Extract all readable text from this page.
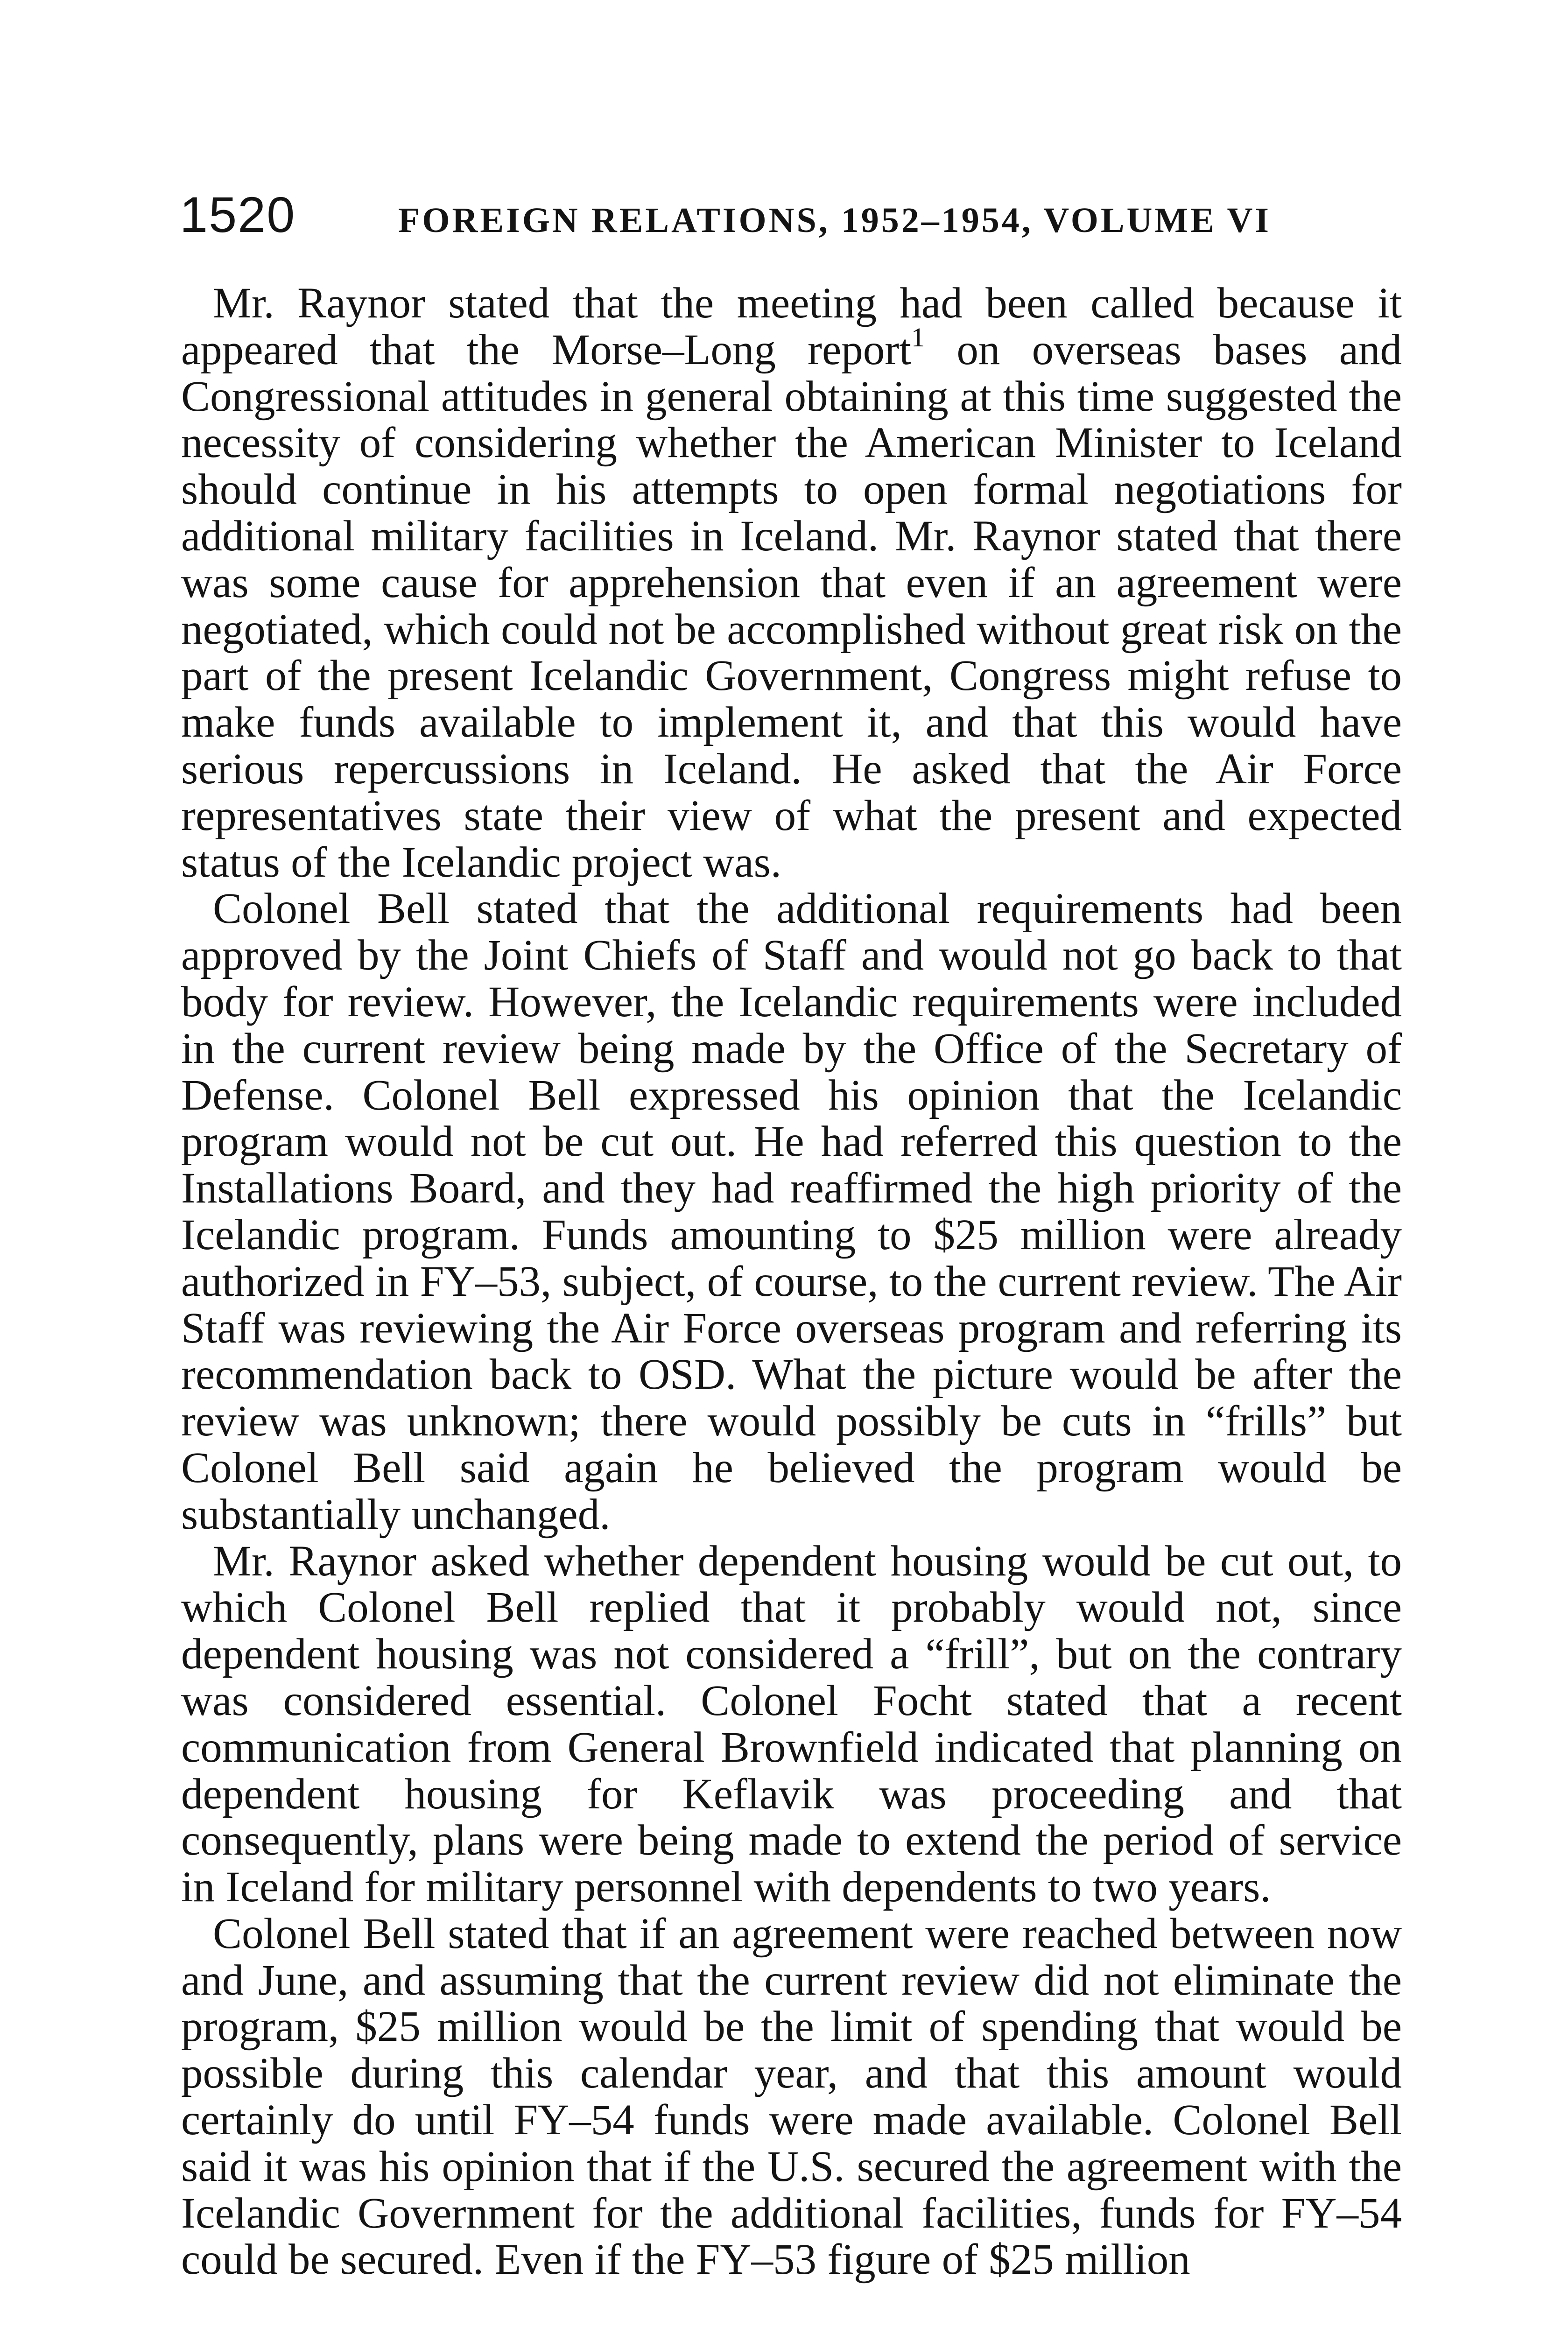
1520	FOREIGN RELATIONS, 1952–1954, VOLUME VI

Mr. Raynor stated that the meeting had been called because it appeared that the Morse–Long report$^1$ on overseas bases and Congressional attitudes in general obtaining at this time suggested the necessity of considering whether the American Minister to Iceland should continue in his attempts to open formal negotiations for additional military facilities in Iceland. Mr. Raynor stated that there was some cause for apprehension that even if an agreement were negotiated, which could not be accomplished without great risk on the part of the present Icelandic Government, Congress might refuse to make funds available to implement it, and that this would have serious repercussions in Iceland. He asked that the Air Force representatives state their view of what the present and expected status of the Icelandic project was.

Colonel Bell stated that the additional requirements had been approved by the Joint Chiefs of Staff and would not go back to that body for review. However, the Icelandic requirements were included in the current review being made by the Office of the Secretary of Defense. Colonel Bell expressed his opinion that the Icelandic program would not be cut out. He had referred this question to the Installations Board, and they had reaffirmed the high priority of the Icelandic program. Funds amounting to $25 million were already authorized in FY–53, subject, of course, to the current review. The Air Staff was reviewing the Air Force overseas program and referring its recommendation back to OSD. What the picture would be after the review was unknown; there would possibly be cuts in “frills” but Colonel Bell said again he believed the program would be substantially unchanged.

Mr. Raynor asked whether dependent housing would be cut out, to which Colonel Bell replied that it probably would not, since dependent housing was not considered a “frill”, but on the contrary was considered essential. Colonel Focht stated that a recent communication from General Brownfield indicated that planning on dependent housing for Keflavik was proceeding and that consequently, plans were being made to extend the period of service in Iceland for military personnel with dependents to two years.

Colonel Bell stated that if an agreement were reached between now and June, and assuming that the current review did not eliminate the program, $25 million would be the limit of spending that would be possible during this calendar year, and that this amount would certainly do until FY–54 funds were made available. Colonel Bell said it was his opinion that if the U.S. secured the agreement with the Icelandic Government for the additional facilities, funds for FY–54 could be secured. Even if the FY–53 figure of $25 million
